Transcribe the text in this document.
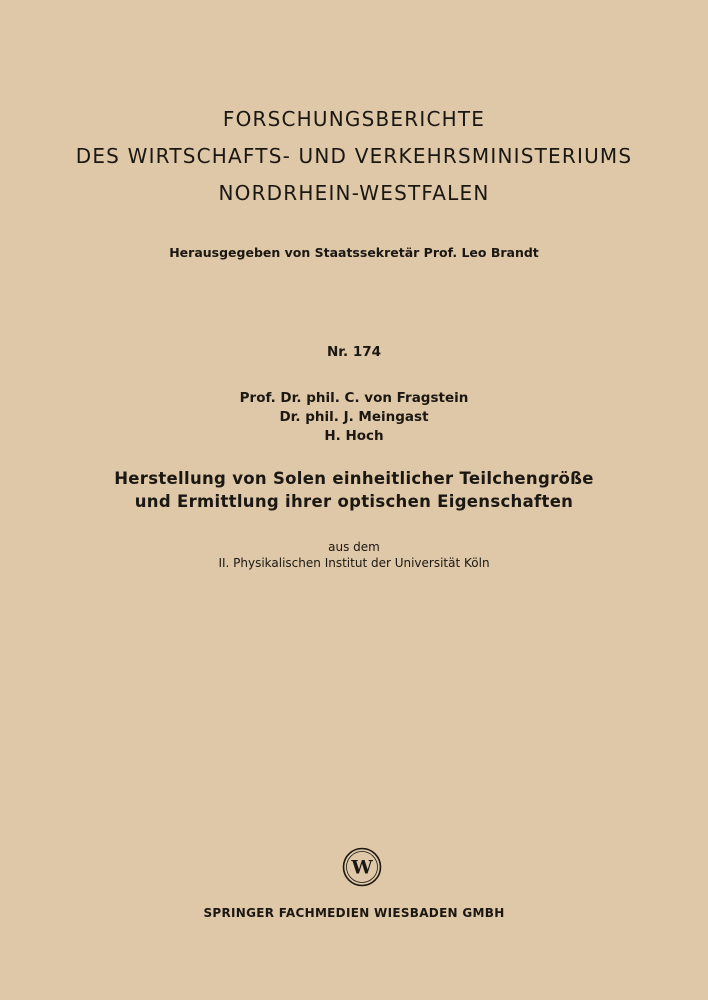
FORSCHUNGSBERICHTE
DES WIRTSCHAFTS- UND VERKEHRSMINISTERIUMS
NORDRHEIN-WESTFALEN

Herausgegeben von Staatssekretär Prof. Leo Brandt

Nr. 174

Prof. Dr. phil. C. von Fragstein

Dr. phil. J. Meingast

H. Hoch

Herstellung von Solen einheitlicher Teilchengröße
und Ermittlung ihrer optischen Eigenschaften

aus dem

II. Physikalischen Institut der Universität Köln

W

SPRINGER FACHMEDIEN WIESBADEN GMBH
